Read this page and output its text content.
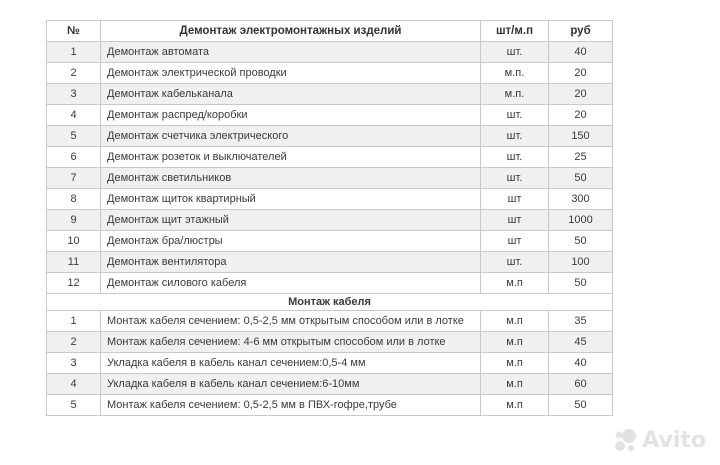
№	Демонтаж электромонтажных изделий	шт/м.п	руб
1	Демонтаж автомата	шт.	40
2	Демонтаж электрической проводки	м.п.	20
3	Демонтаж кабельканала	м.п.	20
4	Демонтаж распред/коробки	шт.	20
5	Демонтаж счетчика электрического	шт.	150
6	Демонтаж розеток и выключателей	шт.	25
7	Демонтаж светильников	шт.	50
8	Демонтаж щиток квартирный	шт	300
9	Демонтаж щит этажный	шт	1000
10	Демонтаж бра/люстры	шт	50
11	Демонтаж вентилятора	шт.	100
12	Демонтаж силового кабеля	м.п	50
Монтаж кабеля			
1	Монтаж кабеля сечением: 0,5-2,5 мм открытым способом или в лотке	м.п	35
2	Монтаж кабеля сечением: 4-6 мм открытым способом или в лотке	м.п	45
3	Укладка кабеля в кабель канал сечением:0,5-4 мм	м.п	40
4	Укладка кабеля в кабель канал сечением:6-10мм	м.п	60
5	Монтаж кабеля сечением: 0,5-2,5 мм в ПВХ-гофре,трубе	м.п	50
Avito
